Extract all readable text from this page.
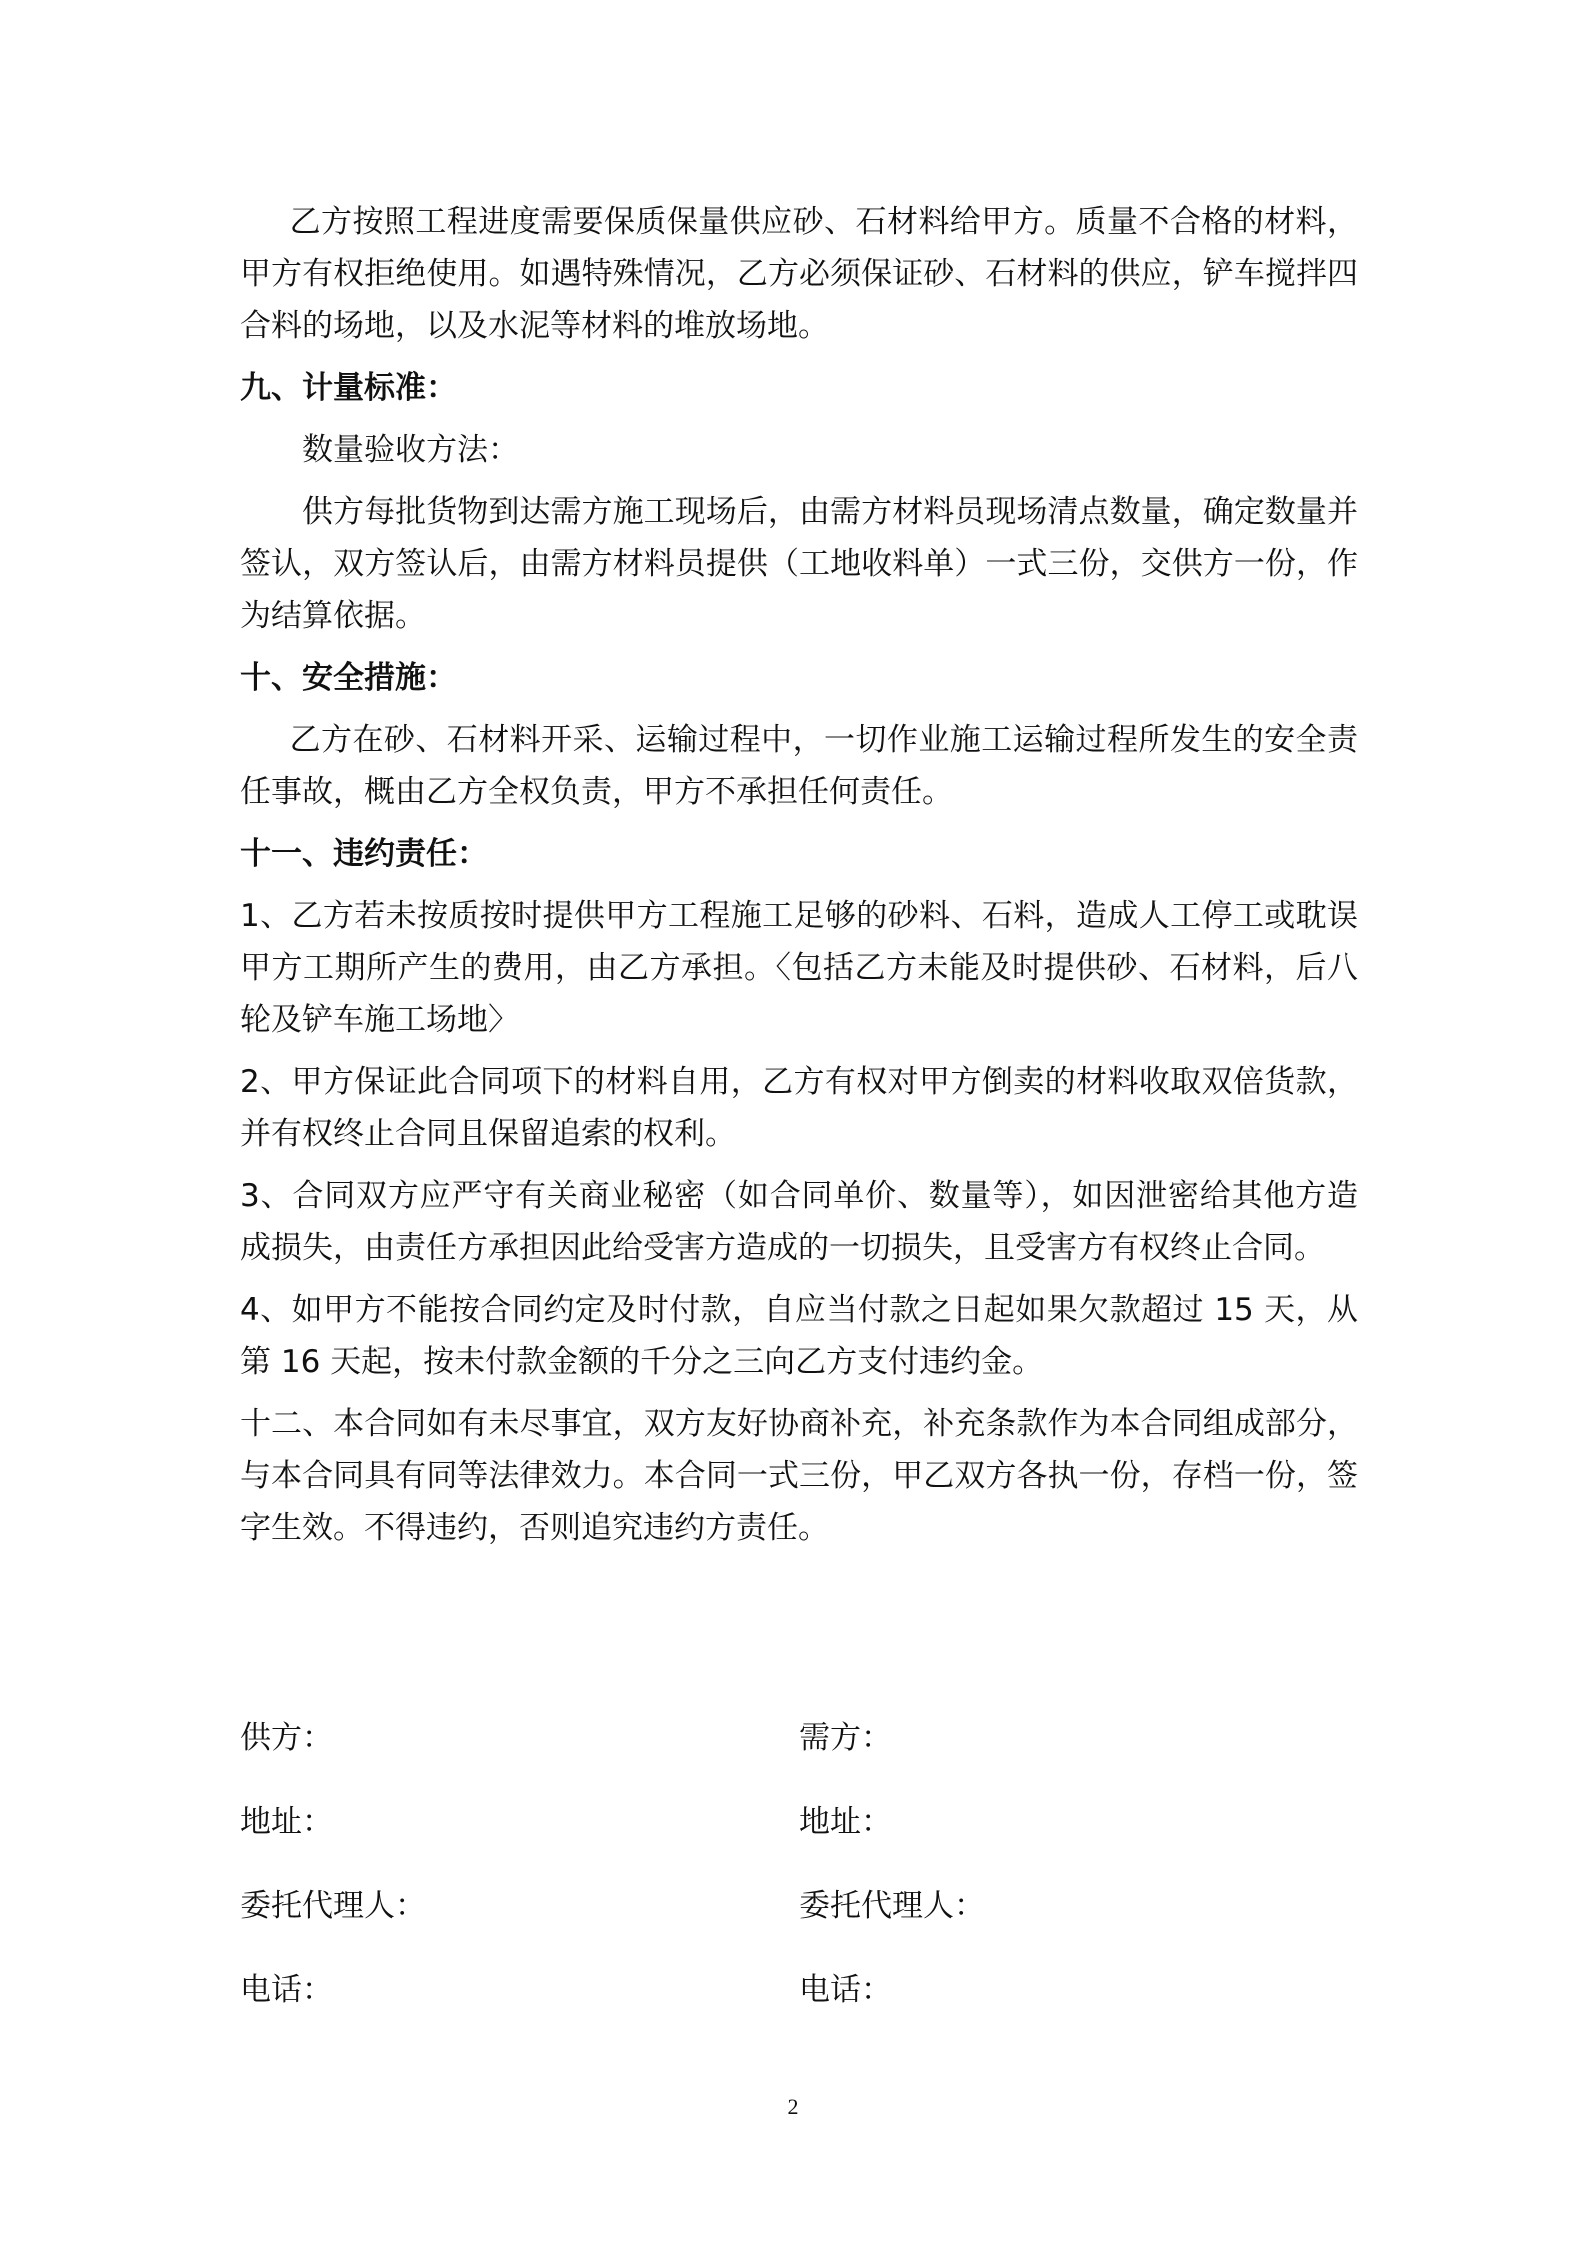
乙方按照工程进度需要保质保量供应砂、石材料给甲方。质量不合格的材料，甲方有权拒绝使用。如遇特殊情况，乙方必须保证砂、石材料的供应，铲车搅拌四合料的场地，以及水泥等材料的堆放场地。

九、计量标准：

数量验收方法：

供方每批货物到达需方施工现场后，由需方材料员现场清点数量，确定数量并签认，双方签认后，由需方材料员提供（工地收料单）一式三份，交供方一份，作为结算依据。

十、安全措施：

乙方在砂、石材料开采、运输过程中，一切作业施工运输过程所发生的安全责任事故，概由乙方全权负责，甲方不承担任何责任。

十一、违约责任：

1、乙方若未按质按时提供甲方工程施工足够的砂料、石料，造成人工停工或耽误甲方工期所产生的费用，由乙方承担。〈包括乙方未能及时提供砂、石材料，后八轮及铲车施工场地〉

2、甲方保证此合同项下的材料自用，乙方有权对甲方倒卖的材料收取双倍货款，并有权终止合同且保留追索的权利。

3、合同双方应严守有关商业秘密（如合同单价、数量等），如因泄密给其他方造成损失，由责任方承担因此给受害方造成的一切损失，且受害方有权终止合同。

4、如甲方不能按合同约定及时付款，自应当付款之日起如果欠款超过 15 天，从第 16 天起，按未付款金额的千分之三向乙方支付违约金。

十二、本合同如有未尽事宜，双方友好协商补充，补充条款作为本合同组成部分，与本合同具有同等法律效力。本合同一式三份，甲乙双方各执一份，存档一份，签字生效。不得违约，否则追究违约方责任。

供方：	需方：
地址：	地址：
委托代理人：	委托代理人：
电话：	电话：
2
